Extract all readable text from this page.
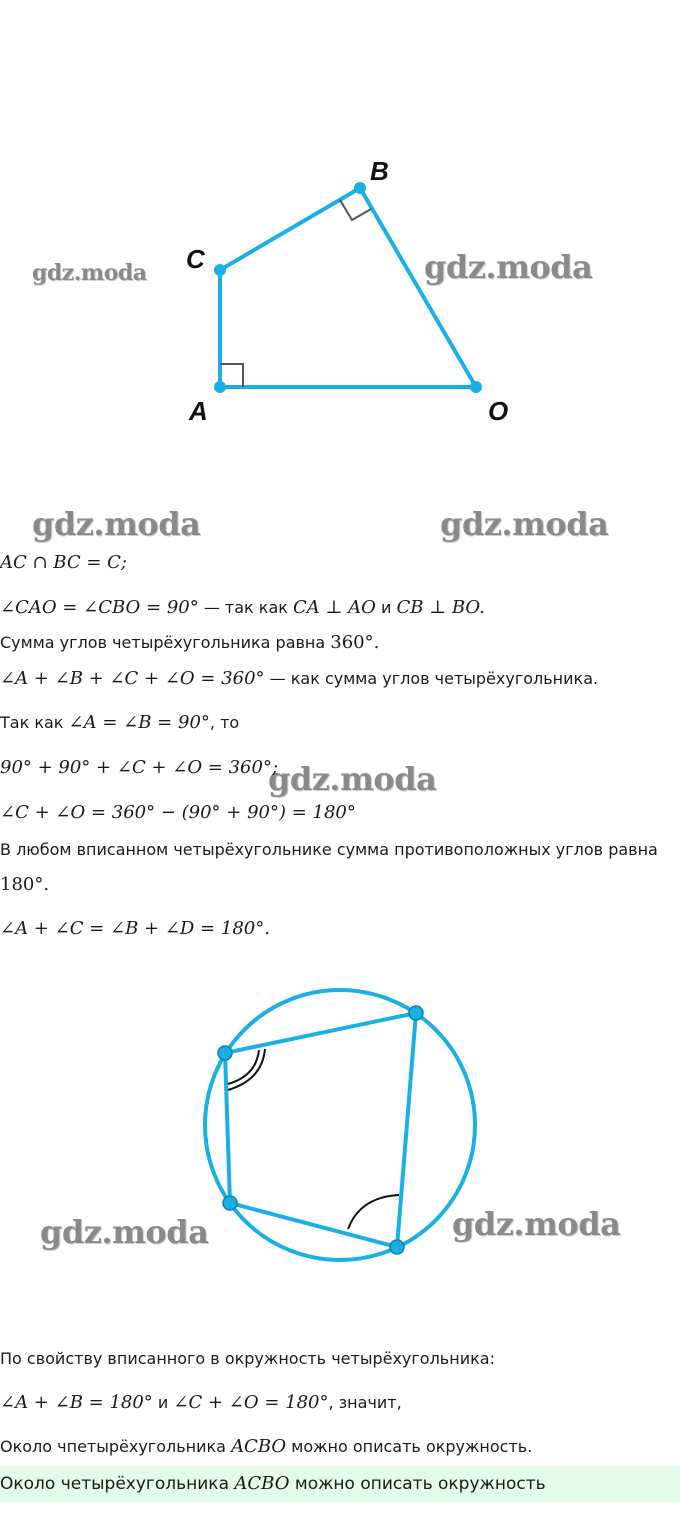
B
C
A	O
gdz.moda	gdz.moda
gdz.moda	gdz.moda
gdz.moda
AC ∩ BC = C;
∠CAO = ∠CBO = 90° — так как CA ⊥ AO и CB ⊥ BO.
Сумма углов четырёхугольника равна 360°.
∠A + ∠B + ∠C + ∠O = 360° — как сумма углов четырёхугольника.
Так как ∠A = ∠B = 90°, то
90° + 90° + ∠C + ∠O = 360°;
∠C + ∠O = 360° − (90° + 90°) = 180°
В любом вписанном четырёхугольнике сумма противоположных углов равна
180°.
∠A + ∠C = ∠B + ∠D = 180°.
gdz.moda	gdz.moda
По свойству вписанного в окружность четырёхугольника:
∠A + ∠B = 180° и ∠C + ∠O = 180°, значит,
Около чпетырёхугольника ACBO можно описать окружность.
Около четырёхугольника ACBO можно описать окружность
